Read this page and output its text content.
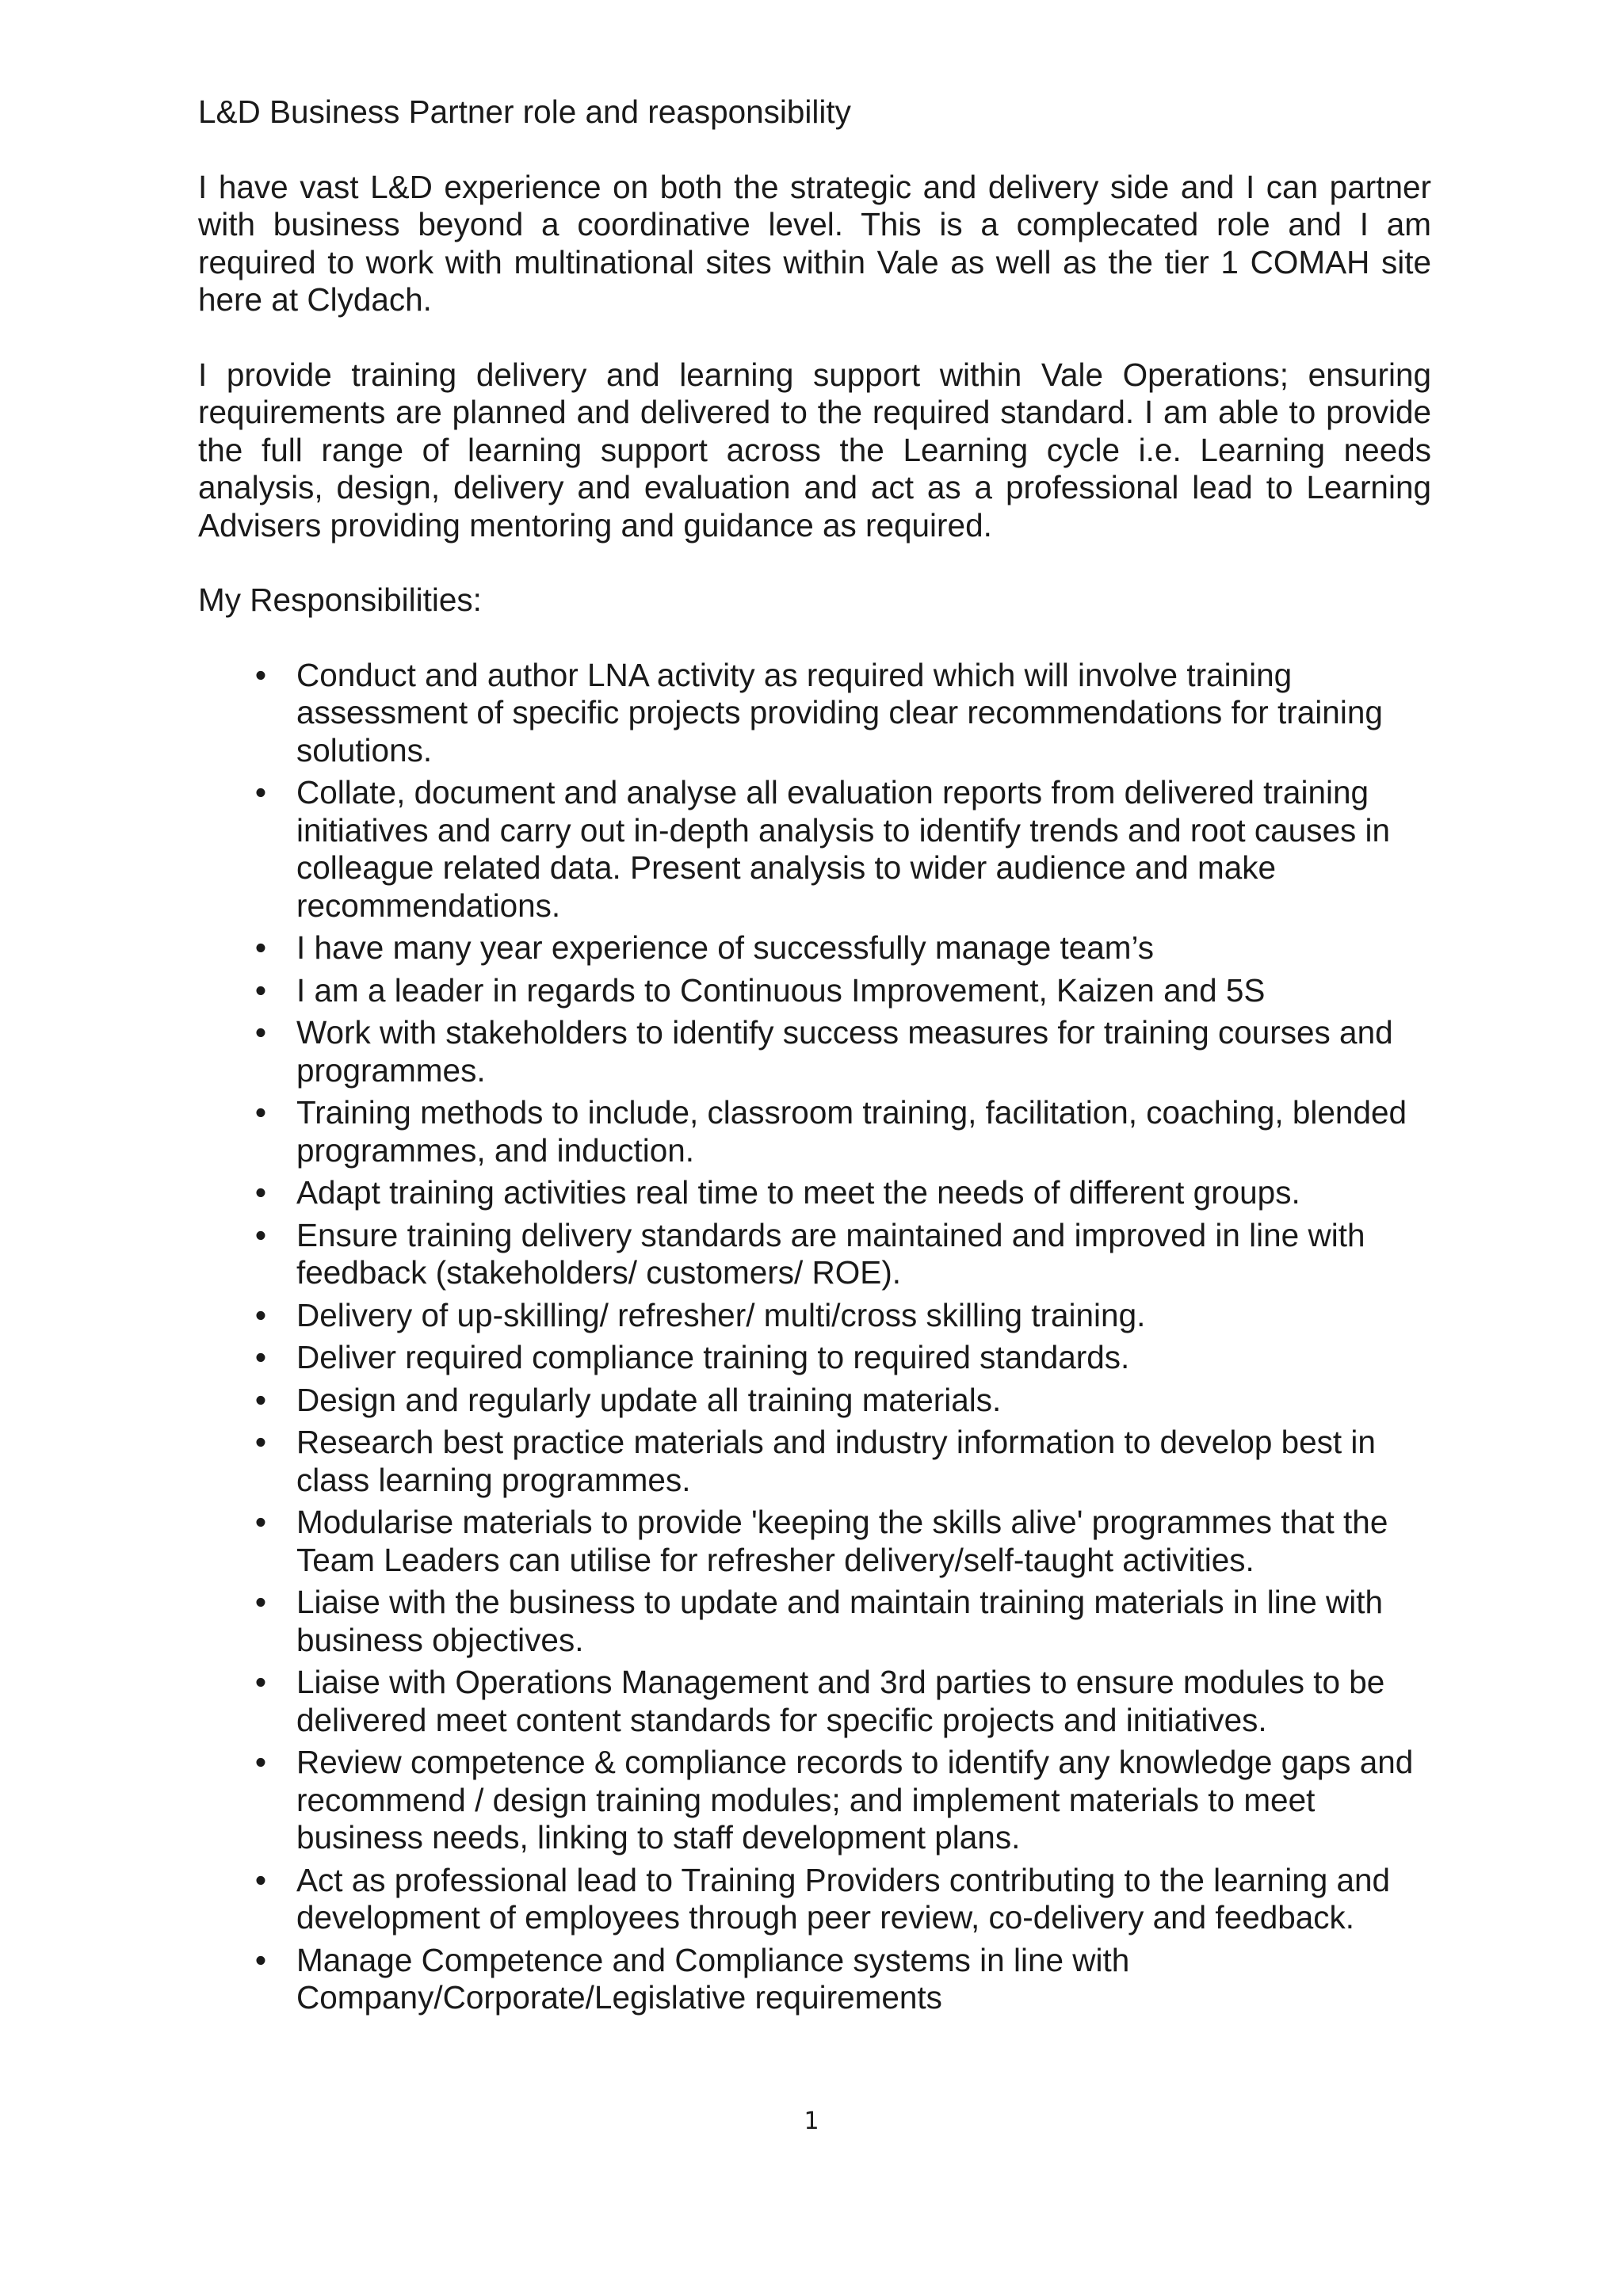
L&D Business Partner role and reasponsibility
I have vast L&D experience on both the strategic and delivery side and I can partner with business beyond a coordinative level. This is a complecated role and I am required to work with multinational sites within Vale as well as the tier 1 COMAH site here at Clydach.
I provide training delivery and learning support within Vale Operations; ensuring requirements are planned and delivered to the required standard. I am able to provide the full range of learning support across the Learning cycle i.e. Learning needs analysis, design, delivery and evaluation and act as a professional lead to Learning Advisers providing mentoring and guidance as required.
My Responsibilities:
• Conduct and author LNA activity as required which will involve training assessment of specific projects providing clear recommendations for training solutions.
• Collate, document and analyse all evaluation reports from delivered training initiatives and carry out in-depth analysis to identify trends and root causes in colleague related data. Present analysis to wider audience and make recommendations.
• I have many year experience of successfully manage team’s
• I am a leader in regards to Continuous Improvement, Kaizen and 5S
• Work with stakeholders to identify success measures for training courses and programmes.
• Training methods to include, classroom training, facilitation, coaching, blended programmes, and induction.
• Adapt training activities real time to meet the needs of different groups.
• Ensure training delivery standards are maintained and improved in line with feedback (stakeholders/ customers/ ROE).
• Delivery of up-skilling/ refresher/ multi/cross skilling training.
• Deliver required compliance training to required standards.
• Design and regularly update all training materials.
• Research best practice materials and industry information to develop best in class learning programmes.
• Modularise materials to provide 'keeping the skills alive' programmes that the Team Leaders can utilise for refresher delivery/self-taught activities.
• Liaise with the business to update and maintain training materials in line with business objectives.
• Liaise with Operations Management and 3rd parties to ensure modules to be delivered meet content standards for specific projects and initiatives.
• Review competence & compliance records to identify any knowledge gaps and recommend / design training modules; and implement materials to meet business needs, linking to staff development plans.
• Act as professional lead to Training Providers contributing to the learning and development of employees through peer review, co-delivery and feedback.
• Manage Competence and Compliance systems in line with Company/Corporate/Legislative requirements
1
